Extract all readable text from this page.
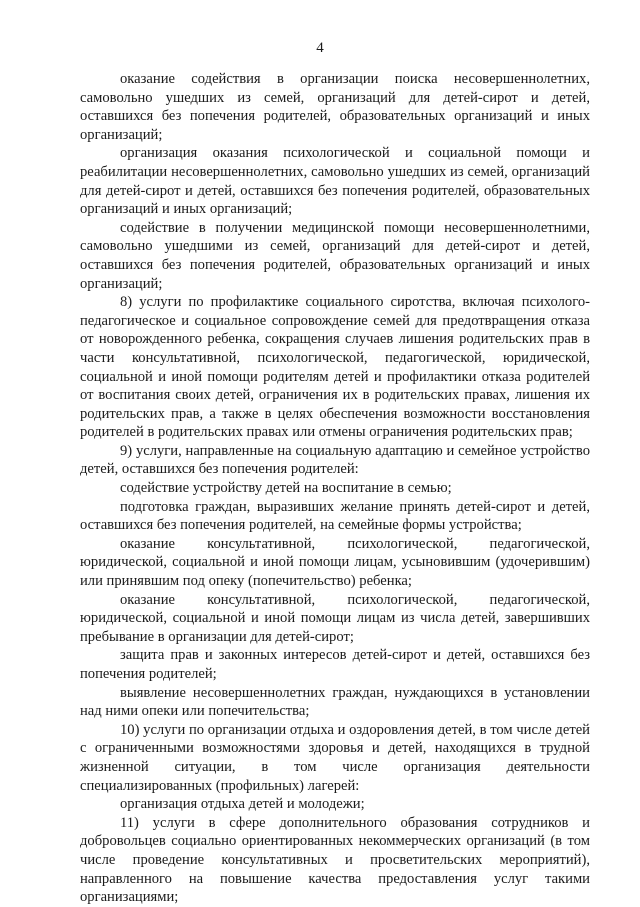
4

оказание содействия в организации поиска несовершеннолетних, самовольно ушедших из семей, организаций для детей-сирот и детей, оставшихся без попечения родителей, образовательных организаций и иных организаций;

организация оказания психологической и социальной помощи и реабилитации несовершеннолетних, самовольно ушедших из семей, организаций для детей-сирот и детей, оставшихся без попечения родителей, образовательных организаций и иных организаций;

содействие в получении медицинской помощи несовершеннолетними, самовольно ушедшими из семей, организаций для детей-сирот и детей, оставшихся без попечения родителей, образовательных организаций и иных организаций;

8) услуги по профилактике социального сиротства, включая психолого-педагогическое и социальное сопровождение семей для предотвращения отказа от новорожденного ребенка, сокращения случаев лишения родительских прав в части консультативной, психологической, педагогической, юридической, социальной и иной помощи родителям детей и профилактики отказа родителей от воспитания своих детей, ограничения их в родительских правах, лишения их родительских прав, а также в целях обеспечения возможности восстановления родителей в родительских правах или отмены ограничения родительских прав;

9) услуги, направленные на социальную адаптацию и семейное устройство детей, оставшихся без попечения родителей:

содействие устройству детей на воспитание в семью;

подготовка граждан, выразивших желание принять детей-сирот и детей, оставшихся без попечения родителей, на семейные формы устройства;

оказание консультативной, психологической, педагогической, юридической, социальной и иной помощи лицам, усыновившим (удочерившим) или принявшим под опеку (попечительство) ребенка;

оказание консультативной, психологической, педагогической, юридической, социальной и иной помощи лицам из числа детей, завершивших пребывание в организации для детей-сирот;

защита прав и законных интересов детей-сирот и детей, оставшихся без попечения родителей;

выявление несовершеннолетних граждан, нуждающихся в установлении над ними опеки или попечительства;

10) услуги по организации отдыха и оздоровления детей, в том числе детей с ограниченными возможностями здоровья и детей, находящихся в трудной жизненной ситуации, в том числе организация деятельности специализированных (профильных) лагерей:

организация отдыха детей и молодежи;

11) услуги в сфере дополнительного образования сотрудников и добровольцев социально ориентированных некоммерческих организаций (в том числе проведение консультативных и просветительских мероприятий), направленного на повышение качества предоставления услуг такими организациями;
